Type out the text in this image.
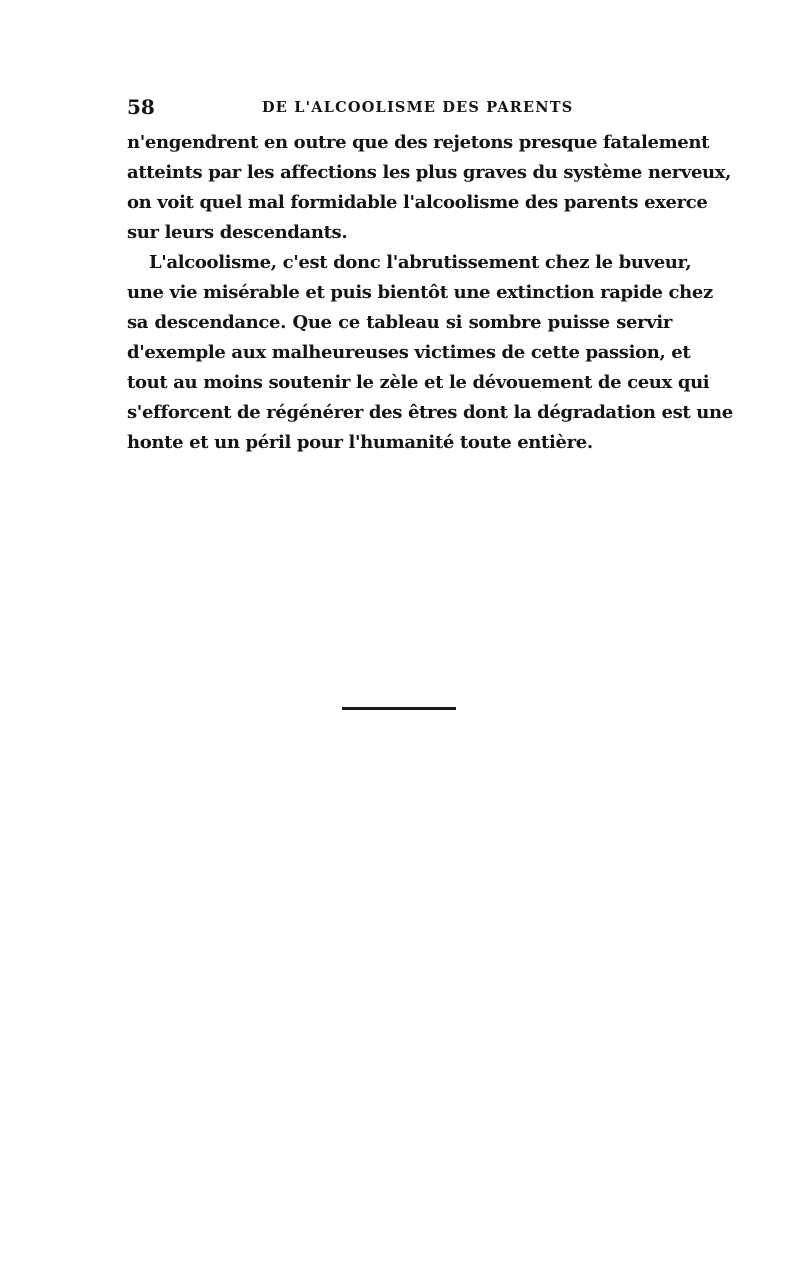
58	DE L'ALCOOLISME DES PARENTS
n'engendrent en outre que des rejetons presque fatalement
atteints par les affections les plus graves du système nerveux,
on voit quel mal formidable l'alcoolisme des parents exerce
sur leurs descendants.
L'alcoolisme, c'est donc l'abrutissement chez le buveur,
une vie misérable et puis bientôt une extinction rapide chez
sa descendance. Que ce tableau si sombre puisse servir
d'exemple aux malheureuses victimes de cette passion, et
tout au moins soutenir le zèle et le dévouement de ceux qui
s'efforcent de régénérer des êtres dont la dégradation est une
honte et un péril pour l'humanité toute entière.
